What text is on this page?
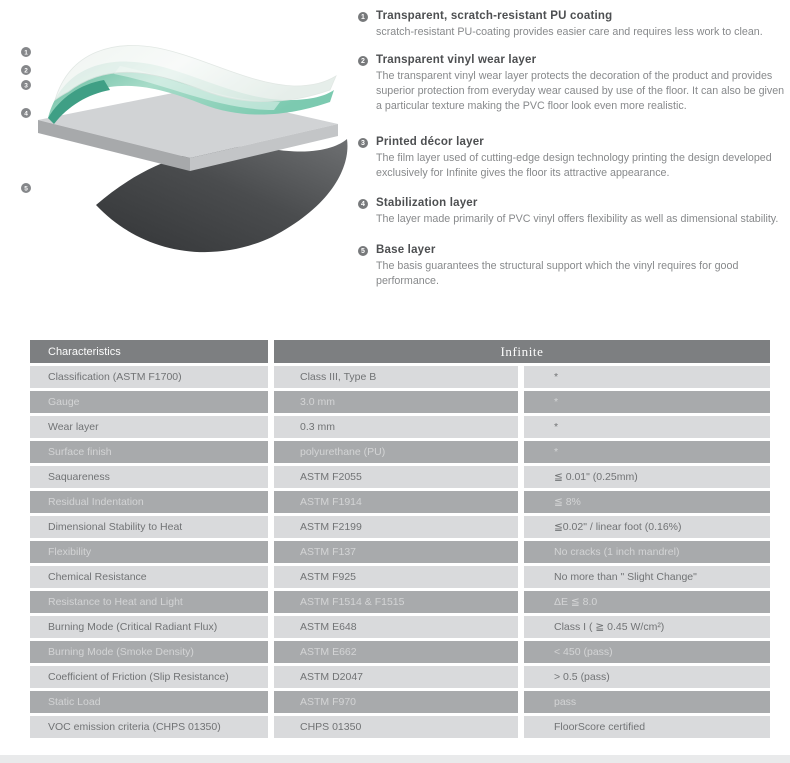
1
2
3
4
5
1 Transparent, scratch-resistant PU coating
scratch-resistant PU-coating provides easier care and requires less work to clean.
2 Transparent vinyl wear layer
The transparent vinyl wear layer protects the decoration of the product and provides superior protection from everyday wear caused by use of the floor. It can also be given a particular texture making the PVC floor look even more realistic.
3 Printed décor layer
The film layer used of cutting-edge design technology printing the design developed exclusively for Infinite gives the floor its attractive appearance.
4 Stabilization layer
The layer made primarily of PVC vinyl offers flexibility as well as dimensional stability.
5 Base layer
The basis guarantees the structural support which the vinyl requires for good performance.
Characteristics	Infinite
Classification (ASTM F1700)	Class III, Type B	*
Gauge	3.0 mm	*
Wear layer	0.3 mm	*
Surface finish	polyurethane (PU)	*
Saquareness	ASTM F2055	≦ 0.01" (0.25mm)
Residual Indentation	ASTM F1914	≦ 8%
Dimensional Stability to Heat	ASTM F2199	≦0.02" / linear foot (0.16%)
Flexibility	ASTM F137	No cracks (1 inch mandrel)
Chemical Resistance	ASTM F925	No more than " Slight Change"
Resistance to Heat and Light	ASTM F1514 & F1515	ΔE ≦ 8.0
Burning Mode (Critical Radiant Flux)	ASTM E648	Class I ( ≧ 0.45 W/cm²)
Burning Mode (Smoke Density)	ASTM E662	< 450 (pass)
Coefficient of Friction (Slip Resistance)	ASTM D2047	> 0.5 (pass)
Static Load	ASTM F970	pass
VOC emission criteria (CHPS 01350)	CHPS 01350	FloorScore certified
